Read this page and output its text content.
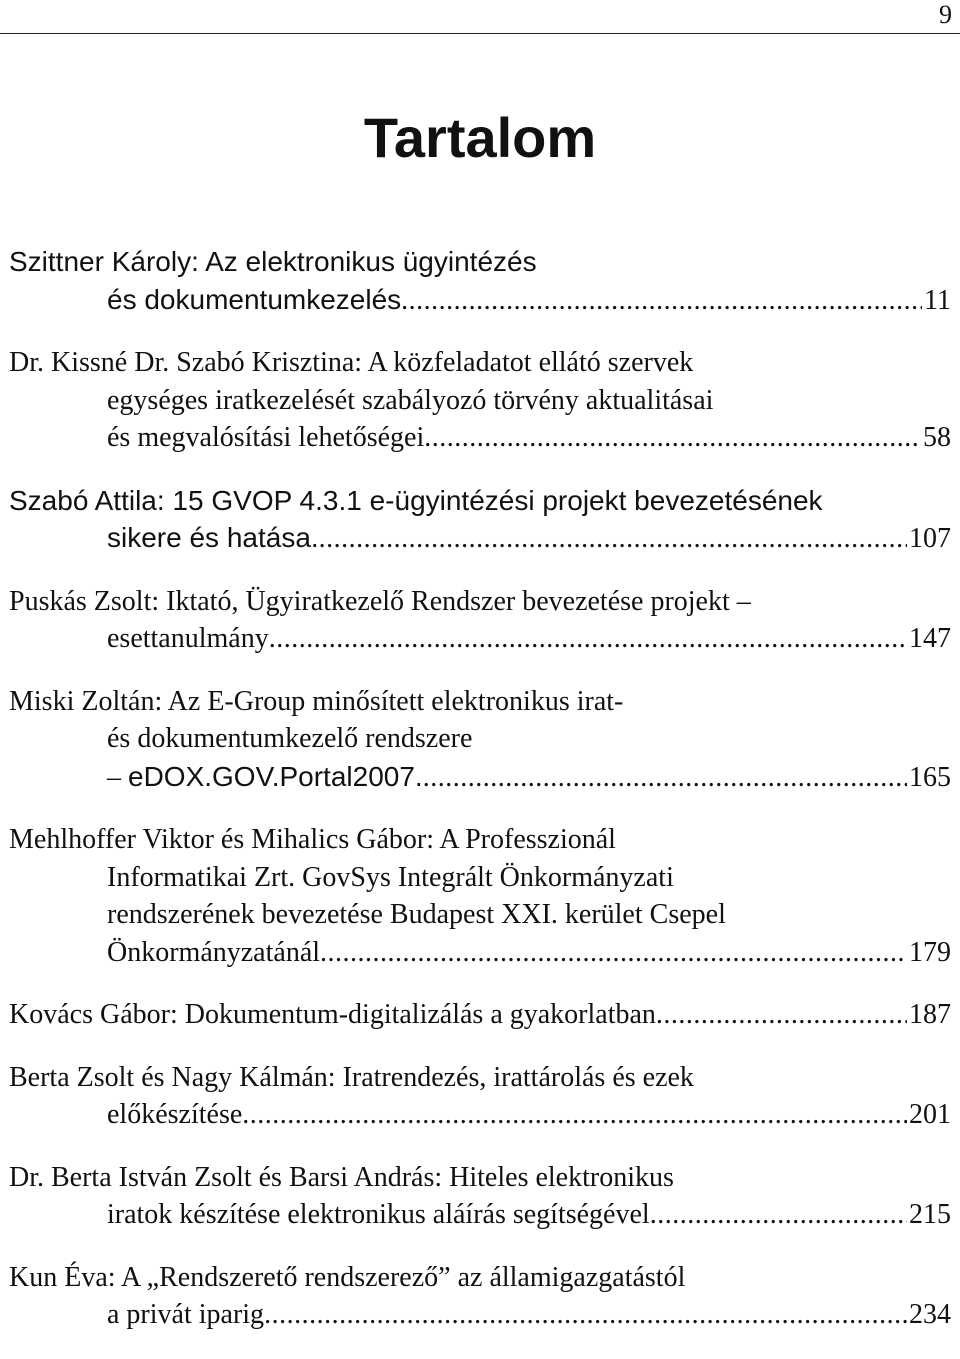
9
Tartalom
Szittner Károly: Az elektronikus ügyintézés
és dokumentumkezelés .....	11
Dr. Kissné Dr. Szabó Krisztina: A közfeladatot ellátó szervek
egységes iratkezelését szabályozó törvény aktualitásai
és megvalósítási lehetőségei .....	58
Szabó Attila: 15 GVOP 4.3.1 e-ügyintézési projekt bevezetésének
sikere és hatása. .....	107
Puskás Zsolt: Iktató, Ügyiratkezelő Rendszer bevezetése projekt –
esettanulmány .....	147
Miski Zoltán: Az E-Group minősített elektronikus irat-
és dokumentumkezelő rendszere
– eDOX.GOV.Portal2007. .....	165
Mehlhoffer Viktor és Mihalics Gábor: A Professzionál
Informatikai Zrt. GovSys Integrált Önkormányzati
rendszerének bevezetése Budapest XXI. kerület Csepel
Önkormányzatánál .....	179
Kovács Gábor: Dokumentum-digitalizálás a gyakorlatban .....	187
Berta Zsolt és Nagy Kálmán: Iratrendezés, irattárolás és ezek
előkészítése .....	201
Dr. Berta István Zsolt és Barsi András: Hiteles elektronikus
iratok készítése elektronikus aláírás segítségével .....	215
Kun Éva: A „Rendszerető rendszerező” az államigazgatástól
a privát iparig .....	234
